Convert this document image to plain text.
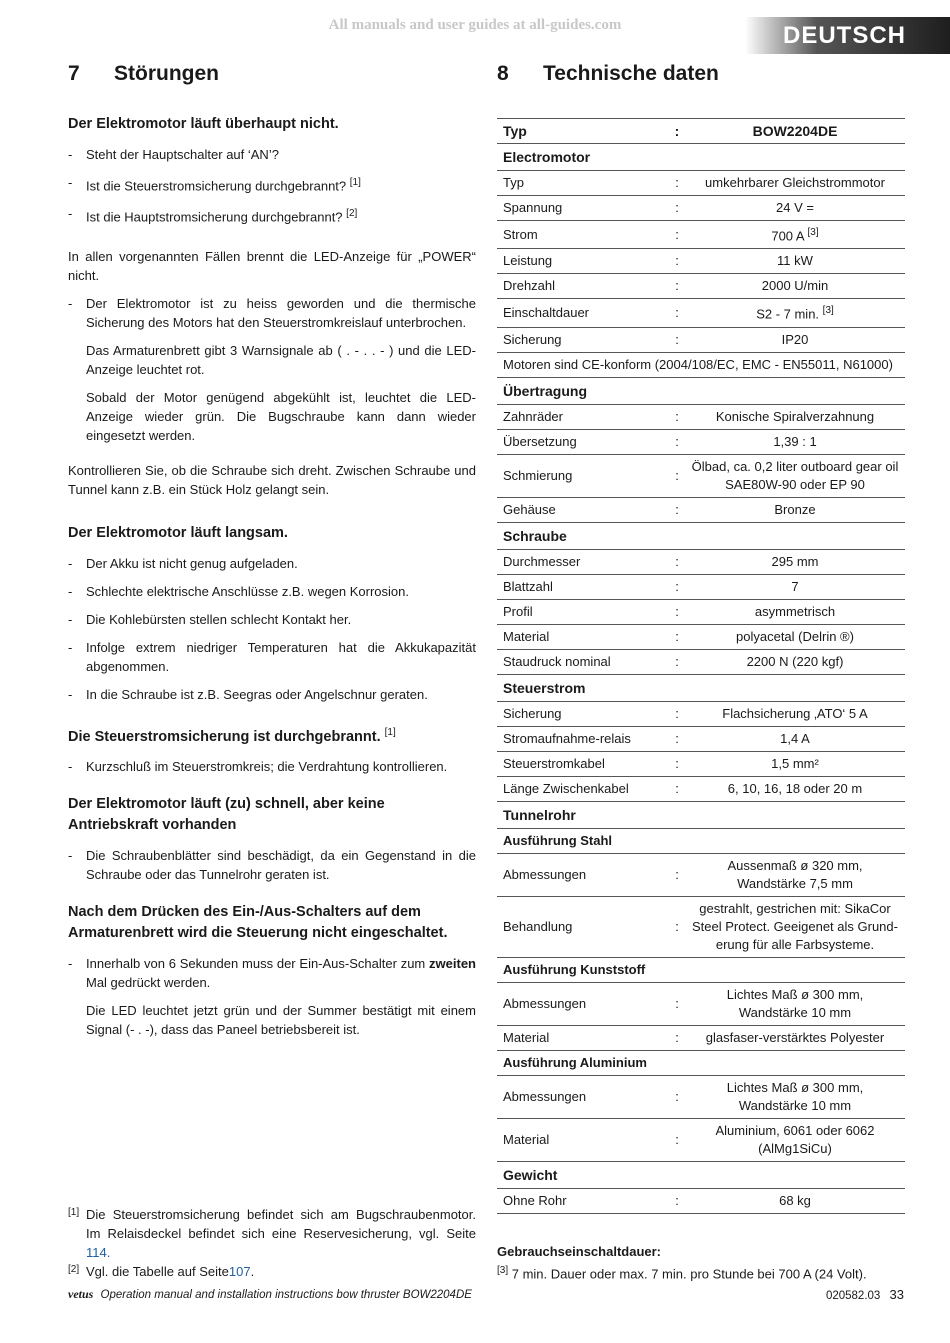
All manuals and user guides at all-guides.com	DEUTSCH
7	Störungen
Der Elektromotor läuft überhaupt nicht.
- Steht der Hauptschalter auf ‘AN’?
- Ist die Steuerstromsicherung durchgebrannt? [1]
- Ist die Hauptstromsicherung durchgebrannt? [2]

In allen vorgenannten Fällen brennt die LED-Anzeige für „POWER“ nicht.

- Der Elektromotor ist zu heiss geworden und die thermische Sicherung des Motors hat den Steuerstromkreislauf unterbrochen.

Das Armaturenbrett gibt 3 Warnsignale ab ( . - . . - ) und die LED-Anzeige leuchtet rot.

Sobald der Motor genügend abgekühlt ist, leuchtet die LED-Anzeige wieder grün. Die Bugschraube kann dann wieder eingesetzt werden.

Kontrollieren Sie, ob die Schraube sich dreht. Zwischen Schraube und Tunnel kann z.B. ein Stück Holz gelangt sein.

Der Elektromotor läuft langsam.
- Der Akku ist nicht genug aufgeladen.
- Schlechte elektrische Anschlüsse z.B. wegen Korrosion.
- Die Kohlebürsten stellen schlecht Kontakt her.
- Infolge extrem niedriger Temperaturen hat die Akkukapazität abgenommen.
- In die Schraube ist z.B. Seegras oder Angelschnur geraten.
Die Steuerstromsicherung ist durchgebrannt. [1]
- Kurzschluß im Steuerstromkreis; die Verdrahtung kontrollieren.
Der Elektromotor läuft (zu) schnell, aber keine Antriebskraft vorhanden
- Die Schraubenblätter sind beschädigt, da ein Gegenstand in die Schraube oder das Tunnelrohr geraten ist.
Nach dem Drücken des Ein-/Aus-Schalters auf dem Armaturenbrett wird die Steuerung nicht eingeschaltet.
- Innerhalb von 6 Sekunden muss der Ein-Aus-Schalter zum zweiten Mal gedrückt werden.

Die LED leuchtet jetzt grün und der Summer bestätigt mit einem Signal (- . -), dass das Paneel betriebsbereit ist.

[1] Die Steuerstromsicherung befindet sich am Bugschraubenmotor. Im Relaisdeckel befindet sich eine Reservesicherung, vgl. Seite 114.
[2] Vgl. die Tabelle auf Seite107.
8	Technische daten
Typ	:	BOW2204DE
Electromotor		
Typ	:	umkehrbarer Gleichstrommotor
Spannung	:	24 V =
Strom	:	700 A [3]
Leistung	:	11 kW
Drehzahl	:	2000 U/min
Einschaltdauer	:	S2 - 7 min. [3]
Sicherung	:	IP20
Motoren sind CE-konform (2004/108/EC, EMC - EN55011, N61000)		
Übertragung		
Zahnräder	:	Konische Spiralverzahnung
Übersetzung	:	1,39 : 1
Schmierung	:	Ölbad, ca. 0,2 liter outboard gear oil
SAE80W-90 oder EP 90

Gehäuse	:	Bronze
Schraube		
Durchmesser	:	295 mm
Blattzahl	:	7
Profil	:	asymmetrisch
Material	:	polyacetal (Delrin ®)
Staudruck nominal	:	2200 N (220 kgf)
Steuerstrom		
Sicherung	:	Flachsicherung ‚ATO‘ 5 A
Stromaufnahme-relais	:	1,4 A
Steuerstromkabel	:	1,5 mm²
Länge Zwischenkabel	:	6, 10, 16, 18 oder 20 m
Tunnelrohr		
Ausführung Stahl		
Abmessungen	:	Aussenmaß ø 320 mm,
Wandstärke 7,5 mm

Behandlung	:	gestrahlt, gestrichen mit: SikaCor
Steel Protect. Geeigenet als Grund-
erung für alle Farbsysteme.

Ausführung Kunststoff		
Abmessungen	:	Lichtes Maß ø 300 mm,
Wandstärke 10 mm

Material	:	glasfaser-verstärktes Polyester
Ausführung Aluminium		
Abmessungen	:	Lichtes Maß ø 300 mm,
Wandstärke 10 mm

Material	:	Aluminium, 6061 oder 6062
(AlMg1SiCu)

Gewicht		
Ohne Rohr	:	68 kg
Gebrauchseinschaltdauer:
[3] 7 min. Dauer oder max. 7 min. pro Stunde bei 700 A (24 Volt).
vetus Operation manual and installation instructions bow thruster BOW2204DE	020582.03 33
